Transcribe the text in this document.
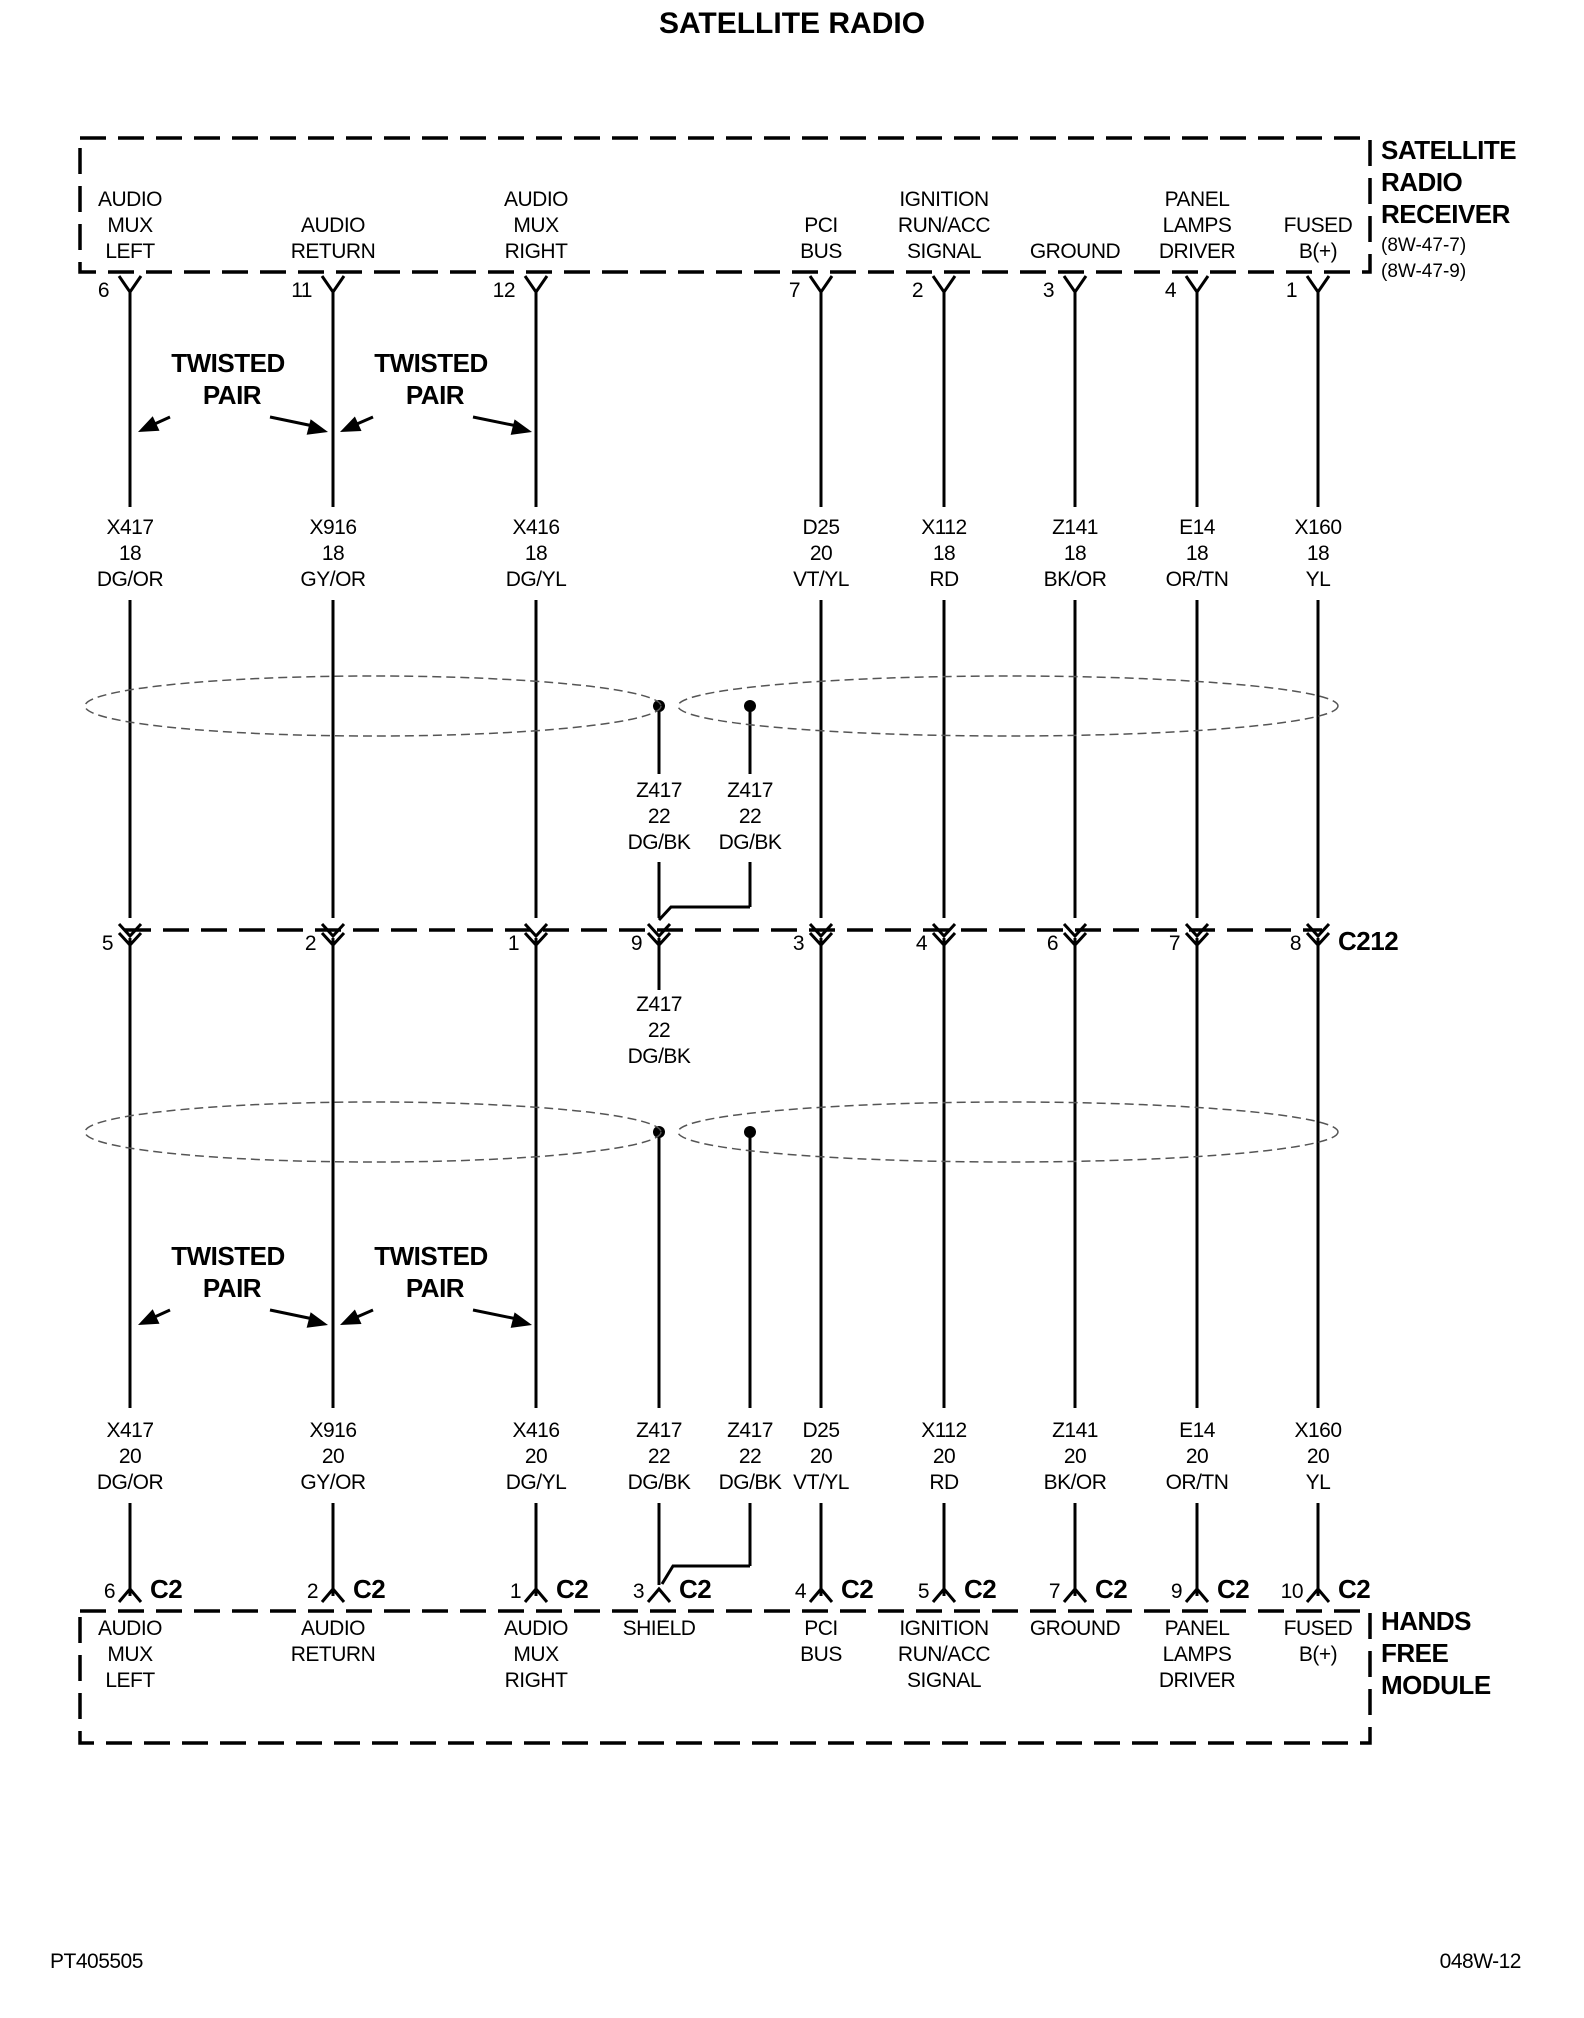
SATELLITE RADIO
PT405505	048W-12
SATELLITE
RADIO
RECEIVER
(8W-47-7)
(8W-47-9)
HANDS
FREE
MODULE
C212
AUDIO
MUX
LEFT
6
X417
18
DG/OR
5
X417
20
DG/OR
6 C2
AUDIO
MUX
LEFT
AUDIO
RETURN
11
X916
18
GY/OR
2
X916
20
GY/OR
2 C2
AUDIO
RETURN
AUDIO
MUX
RIGHT
12
X416
18
DG/YL
1
X416
20
DG/YL
1 C2
AUDIO
MUX
RIGHT
PCI
BUS
7
D25
20
VT/YL
3
D25
20
VT/YL
4 C2
PCI
BUS
IGNITION
RUN/ACC
SIGNAL
2
X112
18
RD
4
X112
20
RD
5 C2
IGNITION
RUN/ACC
SIGNAL
GROUND
3
Z141
18
BK/OR
6
Z141
20
BK/OR
7 C2
GROUND
PANEL
LAMPS
DRIVER
4
E14
18
OR/TN
7
E14
20
OR/TN
9 C2
PANEL
LAMPS
DRIVER
FUSED
B(+)
1
X160
18
YL
8
X160
20
YL
10 C2
FUSED
B(+)
Z417
22
DG/BK
Z417
22
DG/BK
9
Z417
22
DG/BK
Z417
22
DG/BK
Z417
22
DG/BK
3 C2
SHIELD
TWISTED
PAIR
TWISTED
PAIR
TWISTED
PAIR
TWISTED
PAIR
